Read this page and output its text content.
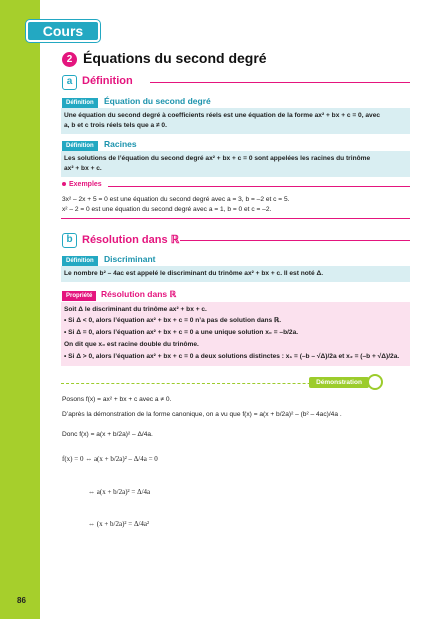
Cours
86
2 Équations du second degré
a Définition
Définition	Équation du second degré
Une équation du second degré à coefficients réels est une équation de la forme ax² + bx + c = 0, avec
a, b et c trois réels tels que a ≠ 0.
Définition	Racines
Les solutions de l’équation du second degré ax² + bx + c = 0 sont appelées les racines du trinôme
ax² + bx + c.
Exemples
3x² – 2x + 5 = 0 est une équation du second degré avec a = 3, b = –2 et c = 5.
x² – 2 = 0 est une équation du second degré avec a = 1, b = 0 et c = –2.
b Résolution dans ℝ
Définition	Discriminant
Le nombre b² – 4ac est appelé le discriminant du trinôme ax² + bx + c. Il est noté Δ.
Propriété	Résolution dans ℝ
Soit Δ le discriminant du trinôme ax² + bx + c.
• Si Δ < 0, alors l’équation ax² + bx + c = 0 n’a pas de solution dans ℝ.
• Si Δ = 0, alors l’équation ax² + bx + c = 0 a une unique solution x₀ = –b/2a.
On dit que x₀ est racine double du trinôme.
• Si Δ > 0, alors l’équation ax² + bx + c = 0 a deux solutions distinctes : x₁ = (–b – √Δ)/2a et x₂ = (–b + √Δ)/2a.
Démonstration
Posons f(x) = ax² + bx + c avec a ≠ 0.
D’après la démonstration de la forme canonique, on a vu que f(x) = a(x + b/2a)² – (b² – 4ac)/4a .
Donc f(x) = a(x + b/2a)² – Δ/4a.
f(x) = 0 ⇔ a(x + b/2a)² – Δ/4a = 0
⇔ a(x + b/2a)² = Δ/4a
⇔ (x + b/2a)² = Δ/4a²
